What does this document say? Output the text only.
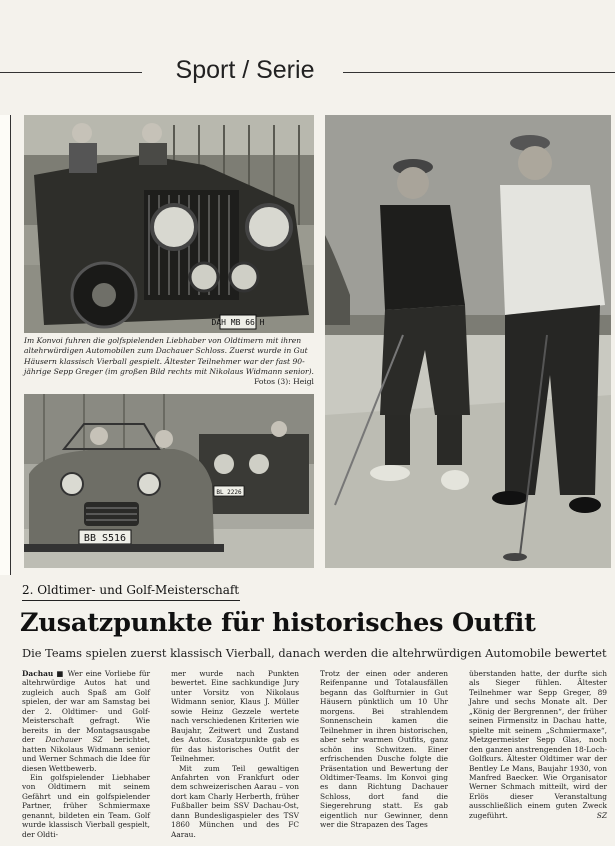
Sport / Serie
DAH MB 66 H
Im Konvoi fuhren die golfspielenden Liebhaber von Oldtimern mit ihren altehrwürdigen Automobilen zum Dachauer Schloss. Zuerst wurde in Gut Häusern klassisch Vierball gespielt. Ältester Teilnehmer war der fast 90-jährige Sepp Greger (im großen Bild rechts mit Nikolaus Widmann senior).
Fotos (3): Heigl
BL 2226
BB S516
2. Oldtimer- und Golf-Meisterschaft
Zusatzpunkte für historisches Outfit
Die Teams spielen zuerst klassisch Vierball, danach werden die altehrwürdigen Automobile bewertet

Dachau ■ Wer eine Vorliebe für altehrwürdige Autos hat und zugleich auch Spaß am Golf spielen, der war am Samstag bei der 2. Oldtimer- und Golf-Meisterschaft gefragt. Wie bereits in der Montagsausgabe der Dachauer SZ berichtet, hatten Nikolaus Widmann senior und Werner Schmach die Idee für diesen Wettbewerb.

Ein golfspielender Liebhaber von Oldtimern mit seinem Gefährt und ein golfspielender Partner, früher Schmiermaxe genannt, bildeten ein Team. Golf wurde klassisch Vierball gespielt, der Oldti-

mer wurde nach Punkten bewertet. Eine sachkundige Jury unter Vorsitz von Nikolaus Widmann senior, Klaus J. Müller sowie Heinz Gezzele wertete nach verschiedenen Kriterien wie Baujahr, Zeitwert und Zustand des Autos. Zusatzpunkte gab es für das historisches Outfit der Teilnehmer.

Mit zum Teil gewaltigen Anfahrten von Frankfurt oder dem schweizerischen Aarau – von dort kam Charly Herberth, früher Fußballer beim SSV Dachau-Ost, dann Bundesligaspieler des TSV 1860 München und des FC Aarau.

Trotz der einen oder anderen Reifenpanne und Totalausfällen begann das Golfturnier in Gut Häusern pünktlich um 10 Uhr morgens. Bei strahlendem Sonnenschein kamen die Teilnehmer in ihren historischen, aber sehr warmen Outfits, ganz schön ins Schwitzen. Einer erfrischenden Dusche folgte die Präsentation und Bewertung der Oldtimer-Teams. Im Konvoi ging es dann Richtung Dachauer Schloss, dort fand die Siegerehrung statt. Es gab eigentlich nur Gewinner, denn wer die Strapazen des Tages

überstanden hatte, der durfte sich als Sieger fühlen. Ältester Teilnehmer war Sepp Greger, 89 Jahre und sechs Monate alt. Der „König der Bergrennen“, der früher seinen Firmensitz in Dachau hatte, spielte mit seinem „Schmiermaxe“, Metzgermeister Sepp Glas, noch den ganzen anstrengenden 18-Loch-Golfkurs. Ältester Oldtimer war der Bentley Le Mans, Baujahr 1930, von Manfred Baecker. Wie Organisator Werner Schmach mitteilt, wird der Erlös dieser Veranstaltung ausschließlich einem guten Zweck zugeführt.	SZ
